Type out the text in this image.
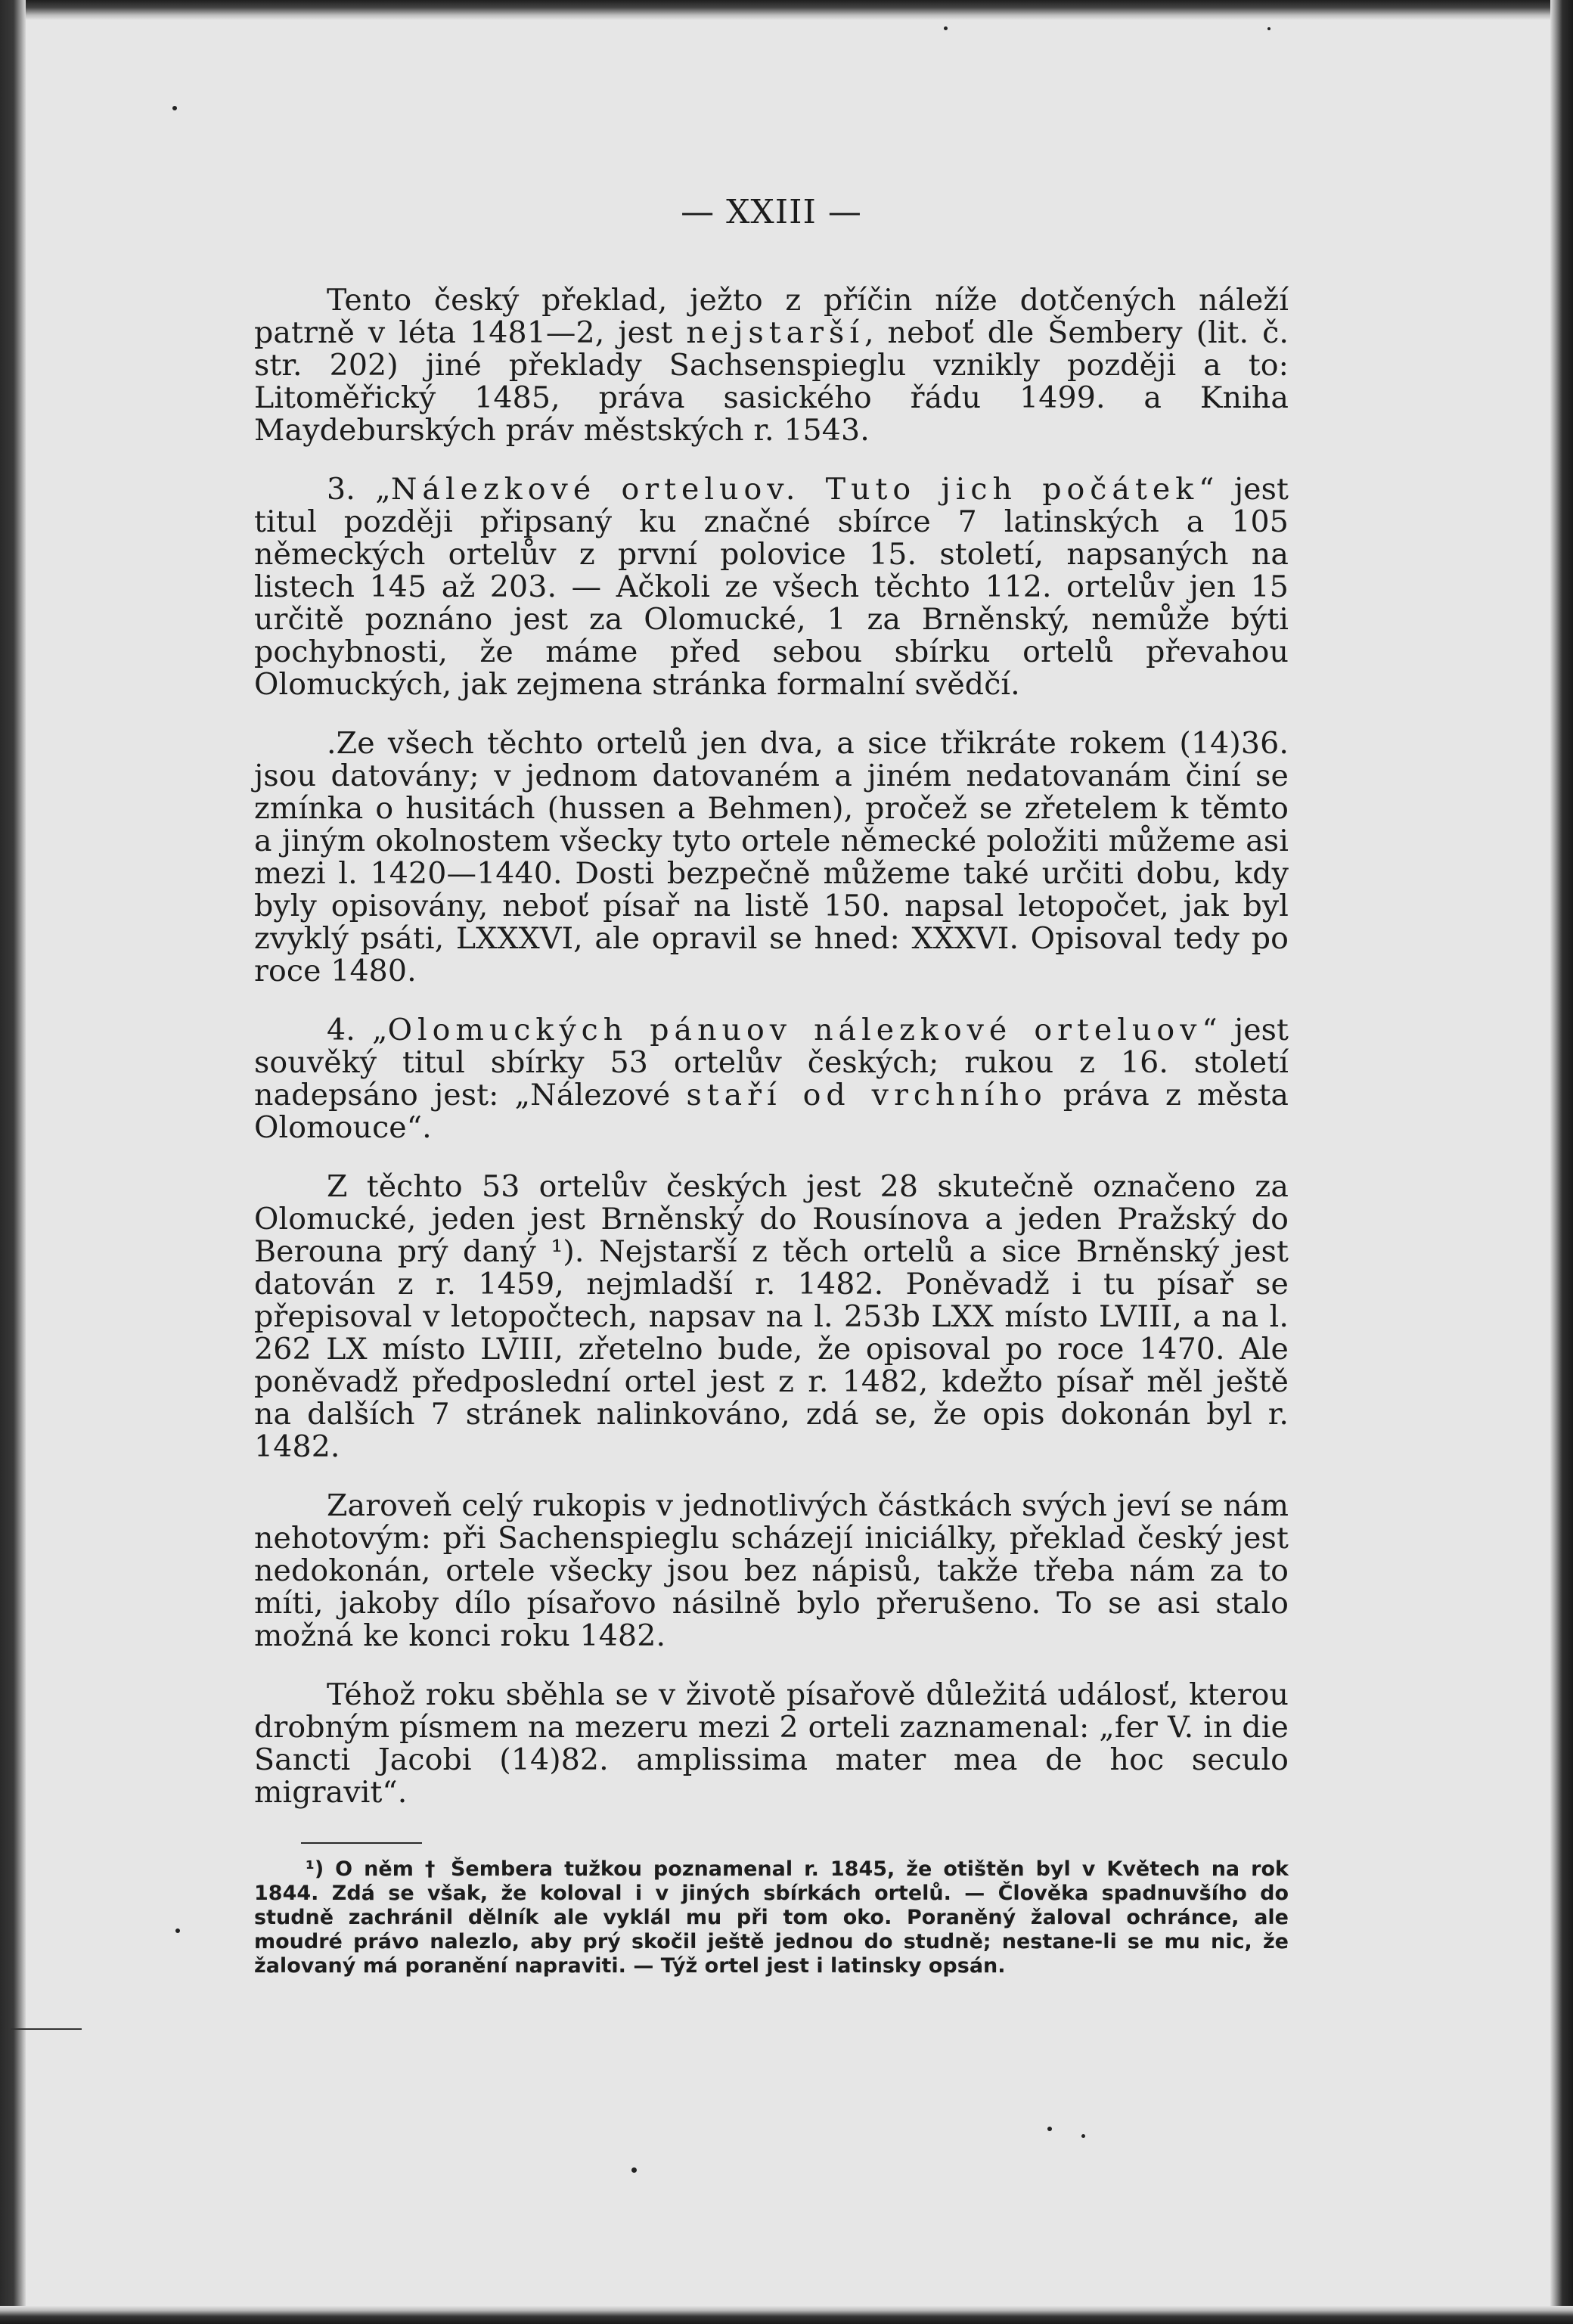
— XXIII —

Tento český překlad, ježto z příčin níže dotčených náleží patrně v léta 1481—2, jest nejstarší, neboť dle Šembery (lit. č. str. 202) jiné překlady Sachsenspieglu vznikly později a to: Litoměřický 1485, práva sasického řádu 1499. a Kniha Maydeburských práv městských r. 1543.

3. „Nálezkové orteluov. Tuto jich počátek“ jest titul později připsaný ku značné sbírce 7 latinských a 105 německých ortelův z první polovice 15. století, napsaných na listech 145 až 203. — Ačkoli ze všech těchto 112. ortelův jen 15 určitě poznáno jest za Olomucké, 1 za Brněnský, nemůže býti pochybnosti, že máme před sebou sbírku ortelů převahou Olomuckých, jak zejmena stránka formalní svědčí.

.Ze všech těchto ortelů jen dva, a sice třikráte rokem (14)36. jsou datovány; v jednom datovaném a jiném nedatovanám činí se zmínka o husitách (hussen a Behmen), pročež se zřetelem k těmto a jiným okolnostem všecky tyto ortele německé položiti můžeme asi mezi l. 1420—1440. Dosti bezpečně můžeme také určiti dobu, kdy byly opisovány, neboť písař na listě 150. napsal letopočet, jak byl zvyklý psáti, LXXXVI, ale opravil se hned: XXXVI. Opisoval tedy po roce 1480.

4. „Olomuckých pánuov nálezkové orteluov“ jest souvěký titul sbírky 53 ortelův českých; rukou z 16. století nadepsáno jest: „Nálezové staří od vrchního práva z města Olomouce“.

Z těchto 53 ortelův českých jest 28 skutečně označeno za Olomucké, jeden jest Brněnský do Rousínova a jeden Pražský do Berouna prý daný ¹). Nejstarší z těch ortelů a sice Brněnský jest datován z r. 1459, nejmladší r. 1482. Poněvadž i tu písař se přepisoval v letopočtech, napsav na l. 253b LXX místo LVIII, a na l. 262 LX místo LVIII, zřetelno bude, že opisoval po roce 1470. Ale poněvadž předposlední ortel jest z r. 1482, kdežto písař měl ještě na dalších 7 stránek nalinkováno, zdá se, že opis dokonán byl r. 1482.

Zaroveň celý rukopis v jednotlivých částkách svých jeví se nám nehotovým: při Sachenspieglu scházejí iniciálky, překlad český jest nedokonán, ortele všecky jsou bez nápisů, takže třeba nám za to míti, jakoby dílo písařovo násilně bylo přerušeno. To se asi stalo možná ke konci roku 1482.

Téhož roku sběhla se v životě písařově důležitá událosť, kterou drobným písmem na mezeru mezi 2 orteli zaznamenal: „fer V. in die Sancti Jacobi (14)82. amplissima mater mea de hoc seculo migravit“.

¹) O něm † Šembera tužkou poznamenal r. 1845, že otištěn byl v Květech na rok 1844. Zdá se však, že koloval i v jiných sbírkách ortelů. — Člověka spadnuvšího do studně zachránil dělník ale vyklál mu při tom oko. Poraněný žaloval ochránce, ale moudré právo nalezlo, aby prý skočil ještě jednou do studně; nestane-li se mu nic, že žalovaný má poranění napraviti. — Týž ortel jest i latinsky opsán.
